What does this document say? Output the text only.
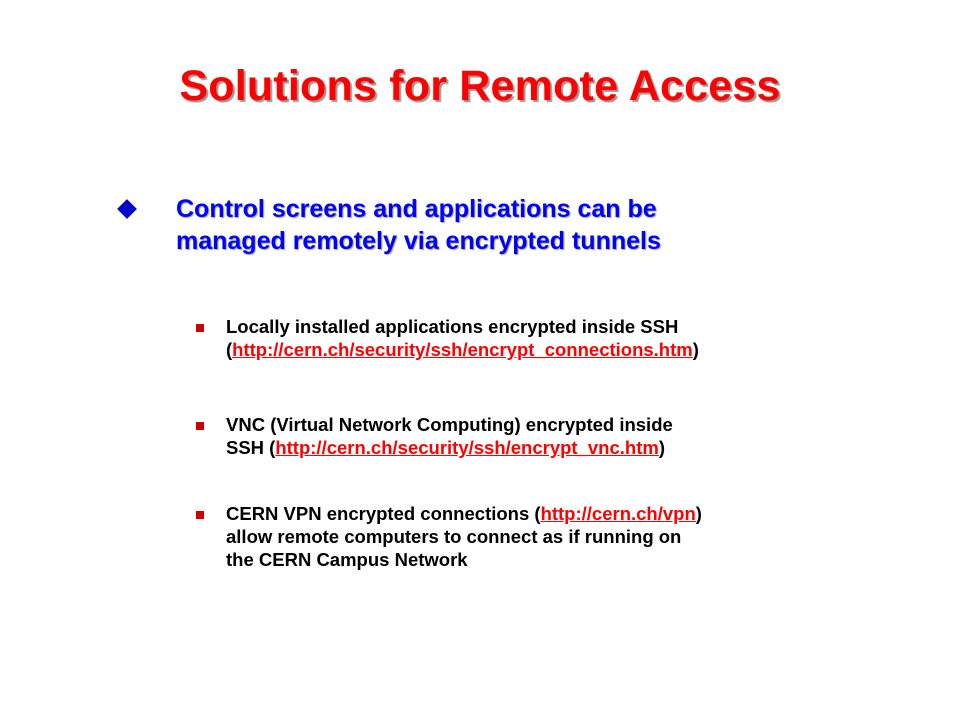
Solutions for Remote Access
Control screens and applications can be
managed remotely via encrypted tunnels
Locally installed applications encrypted inside SSH
(http://cern.ch/security/ssh/encrypt_connections.htm)
VNC (Virtual Network Computing) encrypted inside
SSH (http://cern.ch/security/ssh/encrypt_vnc.htm)
CERN VPN encrypted connections (http://cern.ch/vpn)
allow remote computers to connect as if running on
the CERN Campus Network
